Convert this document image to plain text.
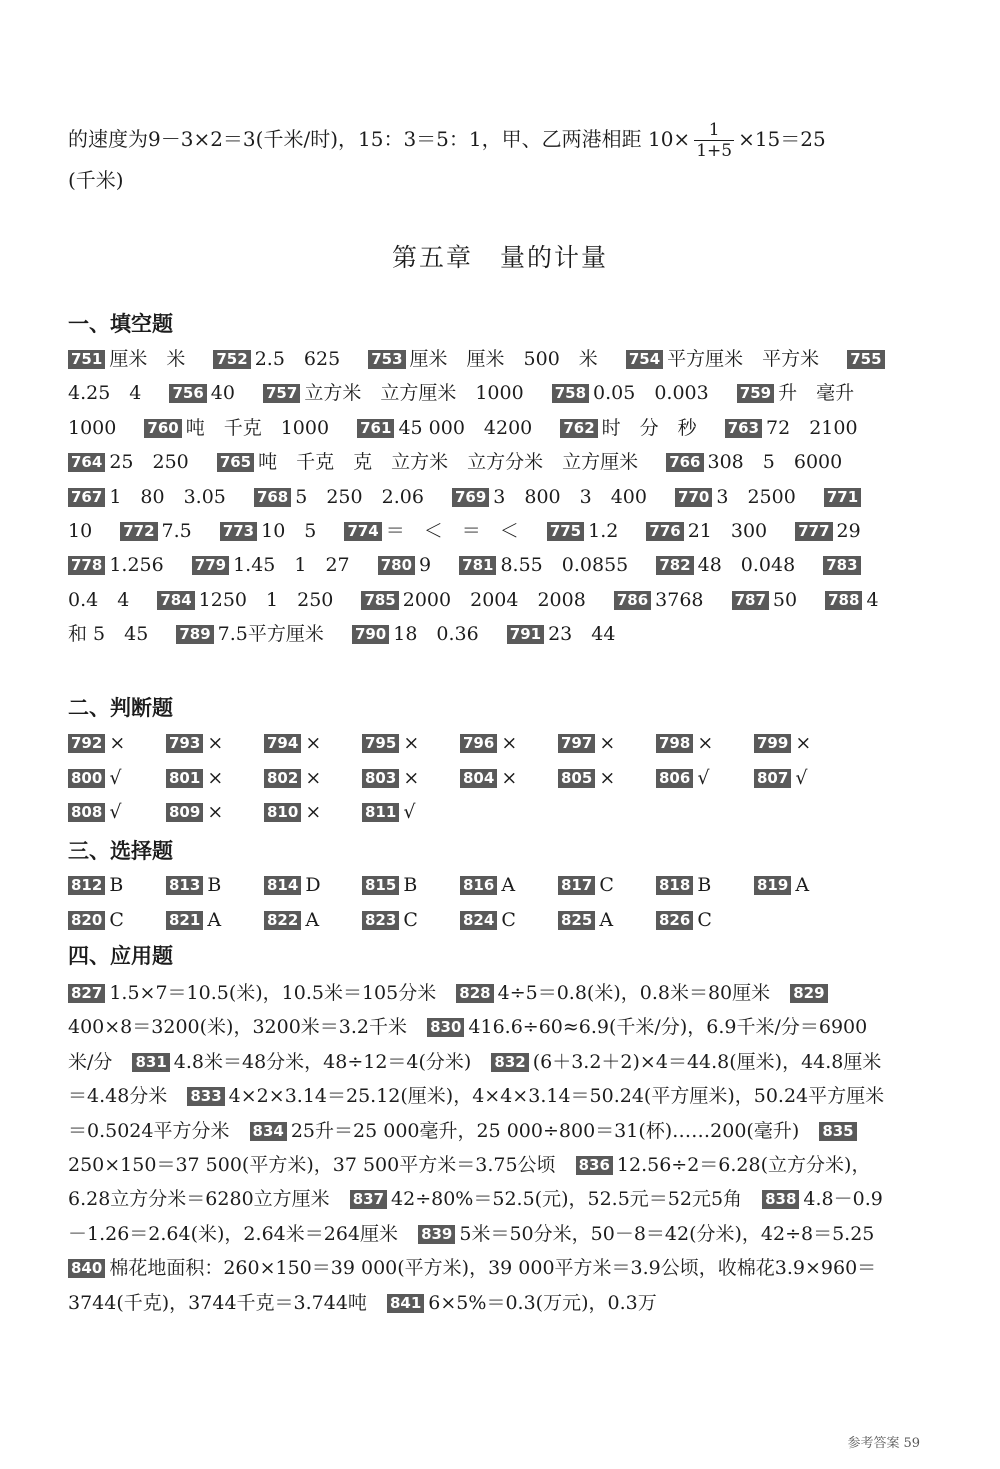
的速度为9－3×2＝3(千米/时)，15：3＝5：1，甲、乙两港相距 $10\times \frac{1}{1+5} \times 15=25$
(千米)
第五章　量的计量
一、填空题
751 厘米　米 752 2.5　625 753 厘米　厘米　500　米 754 平方厘米　平方米 7554.25　4 756 40 757 立方米　立方厘米　1000 758 0.05　0.003 759 升　毫升　1000 760 吨　千克　1000 761 45 000　4200 762 时　分　秒 763 72　2100 764 25　250 765 吨　千克　克　立方米　立方分米　立方厘米 766 308　5　6000 767 1　80　3.05 768 5　250　2.06 769 3　800　3　400 770 3　2500 77110 772 7.5 773 10　5 774 ＝　＜　＝　＜ 775 1.2 776 21　300 777 29 778 1.256 779 1.45　1　27 780 9 781 8.55　0.0855 782 48　0.048 7830.4　4 784 1250　1　250 785 2000　2004　2008 786 3768 787 50 788 4 和 5　45 789 7.5平方厘米 790 18　0.36 791 23　44
二、判断题
792 ×	793 ×	794 ×	795 ×	796 ×	797 ×	798 ×	799 ×
800 √	801 ×	802 ×	803 ×	804 ×	805 ×	806 √	807 √
808 √	809 ×	810 ×	811 √
三、选择题
812 B	813 B	814 D	815 B	816 A	817 C	818 B	819 A
820 C	821 A	822 A	823 C	824 C	825 A	826 C
四、应用题
827 1.5×7＝10.5(米)，10.5米＝105分米 828 4÷5＝0.8(米)，0.8米＝80厘米 829400×8＝3200(米)，3200米＝3.2千米 830 416.6÷60≈6.9(千米/分)，6.9千米/分＝6900米/分 831 4.8米＝48分米，48÷12＝4(分米) 832 (6＋3.2＋2)×4＝44.8(厘米)，44.8厘米＝4.48分米 833 4×2×3.14＝25.12(厘米)，4×4×3.14＝50.24(平方厘米)，50.24平方厘米＝0.5024平方分米 834 25升＝25 000毫升，25 000÷800＝31(杯)……200(毫升) 835250×150＝37 500(平方米)，37 500平方米＝3.75公顷 836 12.56÷2＝6.28(立方分米)，6.28立方分米＝6280立方厘米 837 42÷80%＝52.5(元)，52.5元＝52元5角 838 4.8－0.9－1.26＝2.64(米)，2.64米＝264厘米 839 5米＝50分米，50－8＝42(分米)，42÷8＝5.25 840 棉花地面积：260×150＝39 000(平方米)，39 000平方米＝3.9公顷，收棉花3.9×960＝3744(千克)，3744千克＝3.744吨 841 6×5%＝0.3(万元)，0.3万
参考答案 59
